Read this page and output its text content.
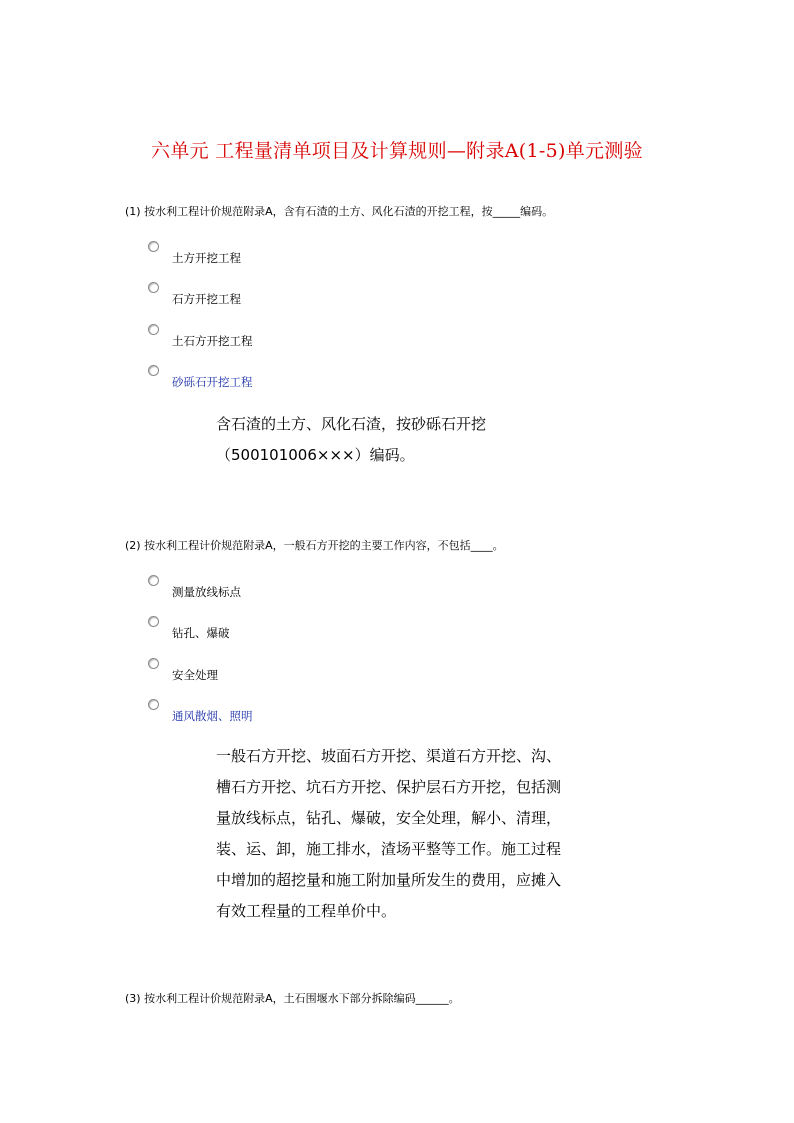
六单元 工程量清单项目及计算规则—附录A(1-5)单元测验
(1) 按水利工程计价规范附录A，含有石渣的土方、风化石渣的开挖工程，按_____编码。
土方开挖工程
石方开挖工程
土石方开挖工程
砂砾石开挖工程
含石渣的土方、风化石渣，按砂砾石开挖
（500101006×××）编码。
(2) 按水利工程计价规范附录A，一般石方开挖的主要工作内容，不包括____。
测量放线标点
钻孔、爆破
安全处理
通风散烟、照明
一般石方开挖、坡面石方开挖、渠道石方开挖、沟、
槽石方开挖、坑石方开挖、保护层石方开挖，包括测
量放线标点，钻孔、爆破，安全处理，解小、清理，
装、运、卸，施工排水，渣场平整等工作。施工过程
中增加的超挖量和施工附加量所发生的费用，应摊入
有效工程量的工程单价中。
(3) 按水利工程计价规范附录A，土石围堰水下部分拆除编码______。
